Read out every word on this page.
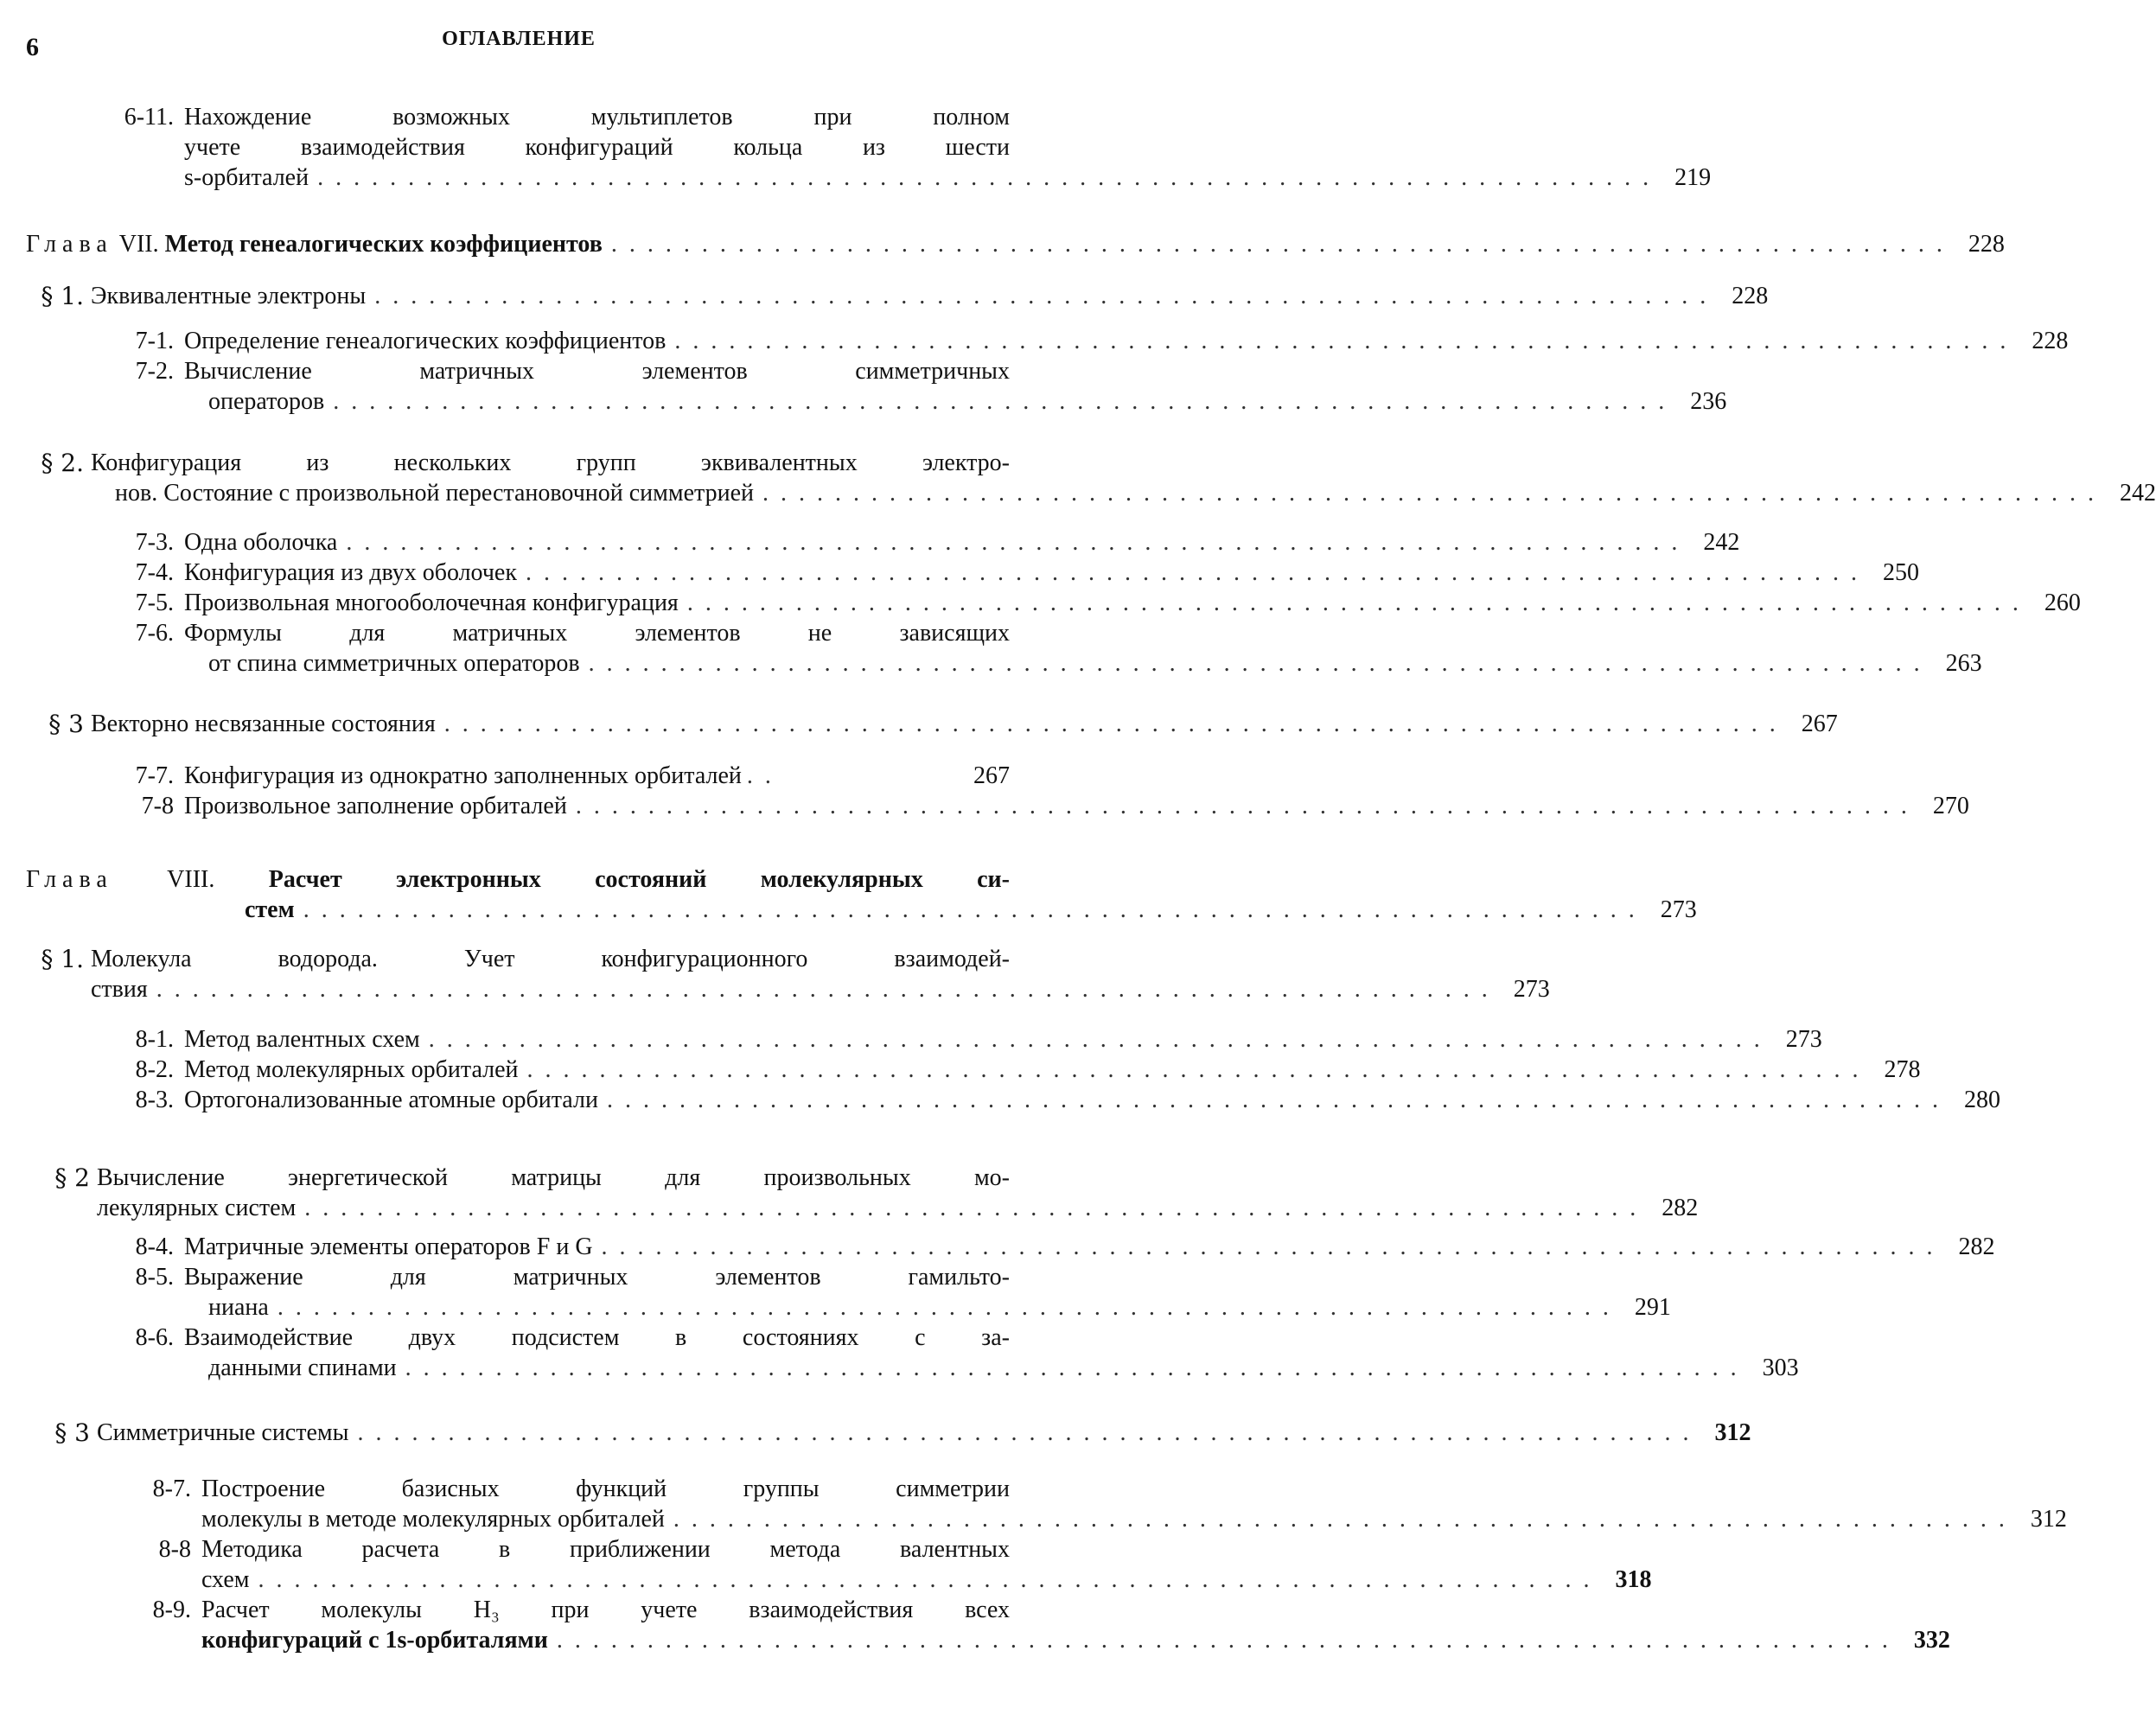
6	ОГЛАВЛЕНИЕ
6-11. Нахождение возможных мультиплетов при полном
учете взаимодействия конфигураций кольца из шести
s-орбиталей .......................................................................... 219
Глава VII. Метод генеалогических коэффициентов .......................................................................... 228
§ 1. Эквивалентные электроны .......................................................................... 228
7-1. Определение генеалогических коэффициентов .......................................................................... 228
7-2. Вычисление матричных элементов симметричных
операторов .......................................................................... 236
§ 2. Конфигурация из нескольких групп эквивалентных электро-
нов. Состояние с произвольной перестановочной симметрией .......................................................................... 242
7-3. Одна оболочка .......................................................................... 242
7-4. Конфигурация из двух оболочек .......................................................................... 250
7-5. Произвольная многооболочечная конфигурация .......................................................................... 260
7-6. Формулы для матричных элементов не зависящих
от спина симметричных операторов .......................................................................... 263
§ 3 Векторно несвязанные состояния .......................................................................... 267
7-7. Конфигурация из однократно заполненных орбиталей ..	267
7-8 Произвольное заполнение орбиталей .......................................................................... 270
Глава VIII. Расчет электронных состояний молекулярных си-
стем .......................................................................... 273
§ 1. Молекула водорода. Учет конфигурационного взаимодей-
ствия .......................................................................... 273
8-1. Метод валентных схем .......................................................................... 273
8-2. Метод молекулярных орбиталей .......................................................................... 278
8-3. Ортогонализованные атомные орбитали .......................................................................... 280
§ 2 Вычисление энергетической матрицы для произвольных мо-
лекулярных систем .......................................................................... 282
8-4. Матричные элементы операторов F и G .......................................................................... 282
8-5. Выражение для матричных элементов гамильто-
ниана .......................................................................... 291
8-6. Взаимодействие двух подсистем в состояниях с за-
данными спинами .......................................................................... 303
§ 3 Симметричные системы .......................................................................... 312
8-7. Построение базисных функций группы симметрии
молекулы в методе молекулярных орбиталей .......................................................................... 312
8-8 Методика расчета в приближении метода валентных
схем .......................................................................... 318
8-9. Расчет молекулы H₃ при учете взаимодействия всех
конфигураций с 1s-орбиталями .......................................................................... 332
